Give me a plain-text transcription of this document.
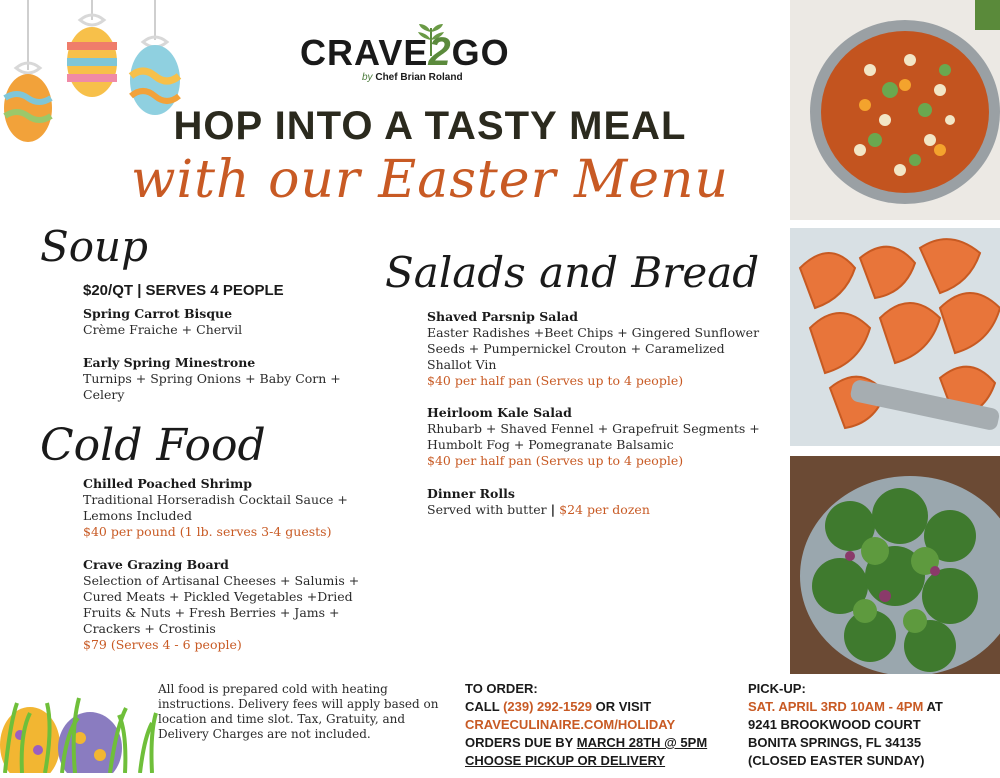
CRAVE2GO
by Chef Brian Roland
HOP INTO A TASTY MEAL
with our Easter Menu
Soup
$20/QT | SERVES 4 PEOPLE
Spring Carrot Bisque
Crème Fraiche + Chervil
Early Spring Minestrone
Turnips + Spring Onions + Baby Corn +
Celery
Cold Food
Chilled Poached Shrimp
Traditional Horseradish Cocktail Sauce +
Lemons Included
$40 per pound (1 lb. serves 3-4 guests)
Crave Grazing Board
Selection of Artisanal Cheeses + Salumis +
Cured Meats + Pickled Vegetables +Dried
Fruits & Nuts + Fresh Berries + Jams +
Crackers + Crostinis
$79 (Serves 4 - 6 people)
Salads and Bread
Shaved Parsnip Salad
Easter Radishes +Beet Chips + Gingered Sunflower
Seeds + Pumpernickel Crouton + Caramelized
Shallot Vin
$40 per half pan (Serves up to 4 people)
Heirloom Kale Salad
Rhubarb + Shaved Fennel + Grapefruit Segments +
Humbolt Fog + Pomegranate Balsamic
$40 per half pan (Serves up to 4 people)
Dinner Rolls
Served with butter | $24 per dozen
All food is prepared cold with heating instructions. Delivery fees will apply based on location and time slot. Tax, Gratuity, and Delivery Charges are not included.
TO ORDER:
CALL (239) 292-1529 OR VISIT
CRAVECULINAIRE.COM/HOLIDAY
ORDERS DUE BY MARCH 28TH @ 5PM
CHOOSE PICKUP OR DELIVERY
PICK-UP:
SAT. APRIL 3RD 10AM - 4PM AT
9241 BROOKWOOD COURT
BONITA SPRINGS, FL 34135
(CLOSED EASTER SUNDAY)
